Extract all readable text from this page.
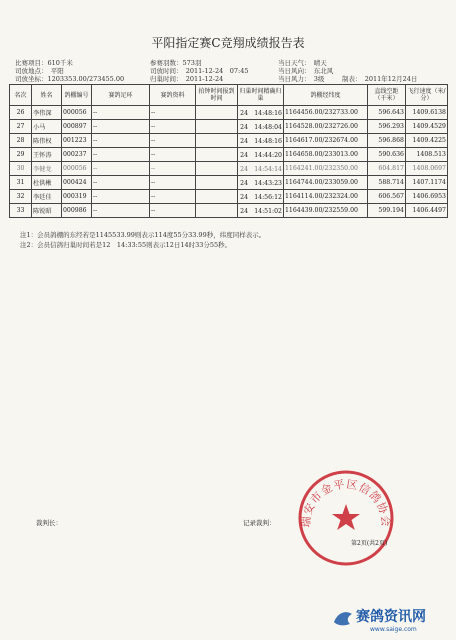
平阳指定赛C竞翔成绩报告表
比赛项目：610千米
司放地点：　平阳
司放坐标：1203353.00/273455.00
参赛羽数：573羽
司放时间：　2011-12-24　07:45
归巢时间：　2011-12-24
当日天气：　晴天
当日风向：　东北风
当日风力：　3级	制表：　2011年12月24日
名次	姓名	鸽棚编号	赛鸽足环	赛鸽资料	拍钟时间报到时间	归巢时间精确归巢	鸽棚经纬度	直线空距（千米）	飞行速度（米/分）
26	李伟深	000056	--	--		24　14:48:16	1164456.00/232733.00	596.643	1409.6138
27	小马	000897	--	--		24　14:48:04	1164528.00/232726.00	596.293	1409.4529
28	陈伟权	001223	--	--		24　14:48:16	1164617.00/232674.00	596.868	1409.4225
29	王怀涛	000237	--	--		24　14:44:20	1164658.00/233013.00	590.636	1408.513
30	李健龙	000056	--	--		24　14:54:14	1164241.00/232350.00	604.817	1408.0697
31	杜供楸	000424	--	--		24　14:43:23	1164744.00/233059.00	588.714	1407.1174
32	李廷佳	000319	--	--		24　14:56:12	1164114.00/232324.00	606.567	1406.6953
33	陈锐昭	000986	--	--		24　14:51:02	1164439.00/232559.00	599.194	1406.4497
注1：会员鸽棚的东经若是1145533.99则表示114度55分33.99秒，纬度同样表示。
注2：会员信鸽归巢时间若是12　14:33:55则表示12日14时33分55秒。
裁判长：	记录裁判： 瑞安市金平区信鸽协会
第2页(共2页)
赛鸽资讯网
www.saige.com
